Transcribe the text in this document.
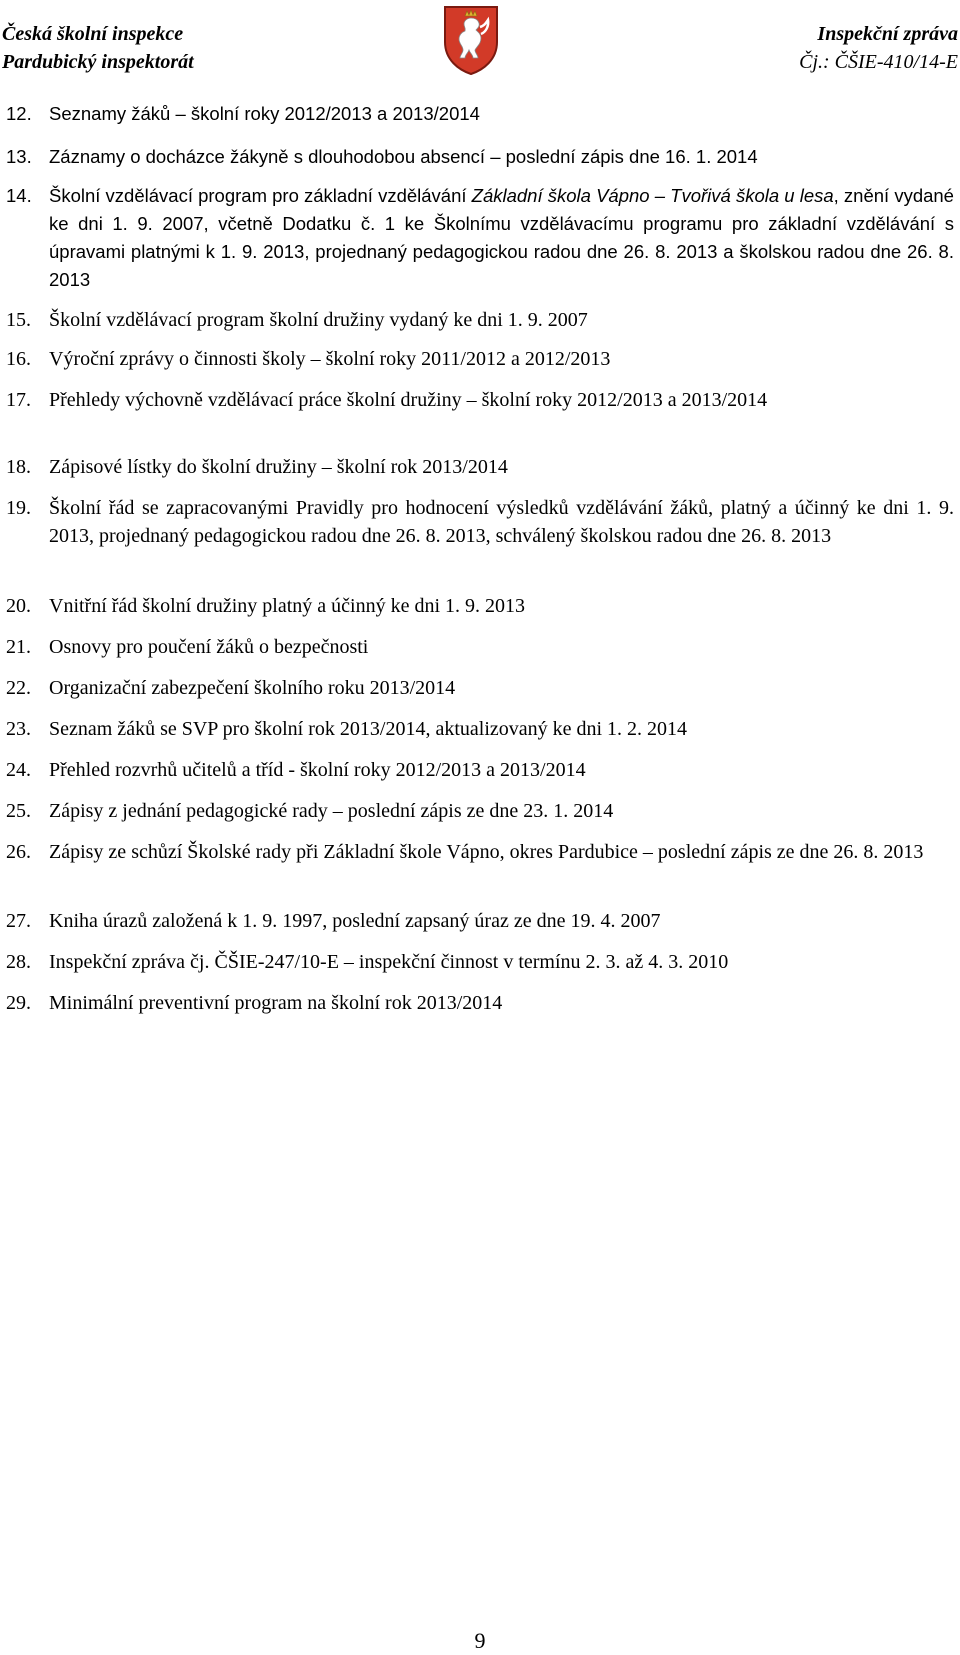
Česká školní inspekce
Pardubický inspektorát
Inspekční zpráva
Čj.: ČŠIE-410/14-E
12. Seznamy žáků – školní roky 2012/2013 a 2013/2014
13. Záznamy o docházce žákyně s dlouhodobou absencí – poslední zápis dne 16. 1. 2014
14. Školní vzdělávací program pro základní vzdělávání Základní škola Vápno – Tvořivá škola u lesa, znění vydané ke dni 1. 9. 2007, včetně Dodatku č. 1 ke Školnímu vzdělávacímu programu pro základní vzdělávání s úpravami platnými k 1. 9. 2013, projednaný pedagogickou radou dne 26. 8. 2013 a školskou radou dne 26. 8. 2013
15. Školní vzdělávací program školní družiny vydaný ke dni 1. 9. 2007
16. Výroční zprávy o činnosti školy – školní roky 2011/2012 a 2012/2013
17. Přehledy výchovně vzdělávací práce školní družiny – školní roky 2012/2013 a 2013/2014
18. Zápisové lístky do školní družiny – školní rok 2013/2014
19. Školní řád se zapracovanými Pravidly pro hodnocení výsledků vzdělávání žáků, platný a účinný ke dni 1. 9. 2013, projednaný pedagogickou radou dne 26. 8. 2013, schválený školskou radou dne 26. 8. 2013
20. Vnitřní řád školní družiny platný a účinný ke dni 1. 9. 2013
21. Osnovy pro poučení žáků o bezpečnosti
22. Organizační zabezpečení školního roku 2013/2014
23. Seznam žáků se SVP pro školní rok 2013/2014, aktualizovaný ke dni 1. 2. 2014
24. Přehled rozvrhů učitelů a tříd - školní roky 2012/2013 a 2013/2014
25. Zápisy z jednání pedagogické rady – poslední zápis ze dne 23. 1. 2014
26. Zápisy ze schůzí Školské rady při Základní škole Vápno, okres Pardubice – poslední zápis ze dne 26. 8. 2013
27. Kniha úrazů založená k 1. 9. 1997, poslední zapsaný úraz ze dne 19. 4. 2007
28. Inspekční zpráva čj. ČŠIE-247/10-E – inspekční činnost v termínu 2. 3. až 4. 3. 2010
29. Minimální preventivní program na školní rok 2013/2014
9
